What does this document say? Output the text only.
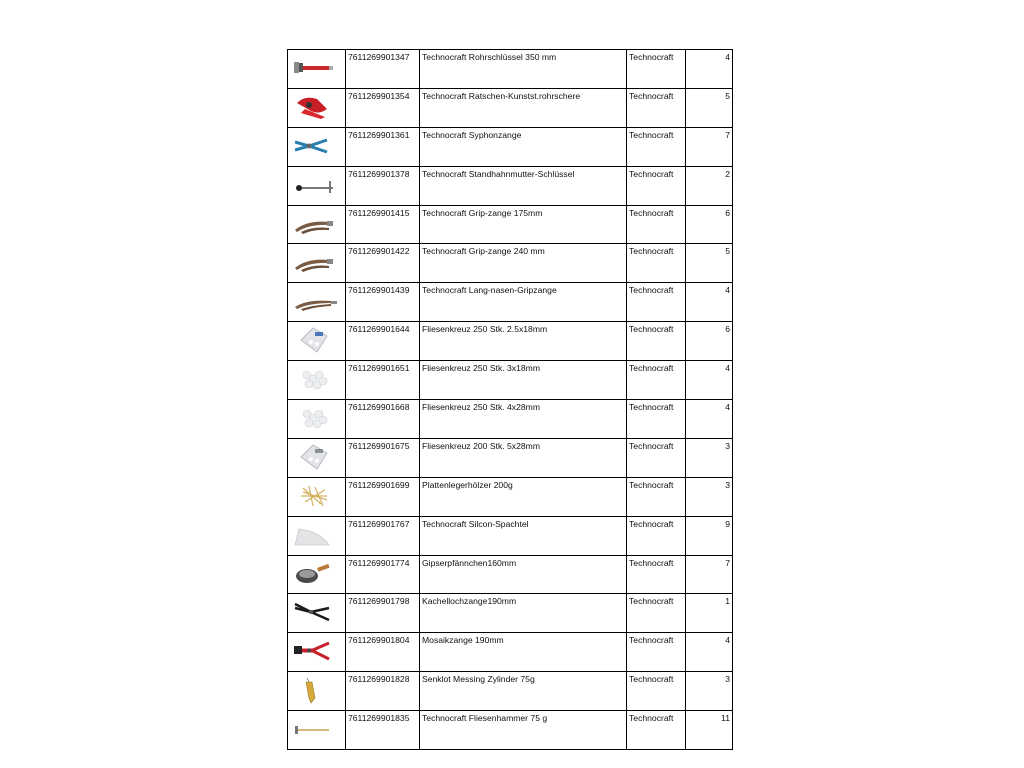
	7611269901347	Technocraft Rohrschlüssel 350 mm	Technocraft	4

	7611269901354	Technocraft Ratschen-Kunstst.rohrschere	Technocraft	5

	7611269901361	Technocraft Syphonzange	Technocraft	7

	7611269901378	Technocraft Standhahnmutter-Schlüssel	Technocraft	2

	7611269901415	Technocraft Grip-zange 175mm	Technocraft	6

	7611269901422	Technocraft Grip-zange 240 mm	Technocraft	5

	7611269901439	Technocraft Lang-nasen-Gripzange	Technocraft	4

	7611269901644	Fliesenkreuz 250 Stk. 2.5x18mm	Technocraft	6

	7611269901651	Fliesenkreuz 250 Stk. 3x18mm	Technocraft	4

	7611269901668	Fliesenkreuz 250 Stk. 4x28mm	Technocraft	4

	7611269901675	Fliesenkreuz 200 Stk. 5x28mm	Technocraft	3

	7611269901699	Plattenlegerhölzer 200g	Technocraft	3

	7611269901767	Technocraft Silcon-Spachtel	Technocraft	9

	7611269901774	Gipserpfännchen160mm	Technocraft	7

	7611269901798	Kachellochzange190mm	Technocraft	1

	7611269901804	Mosaikzange 190mm	Technocraft	4

	7611269901828	Senklot Messing Zylinder 75g	Technocraft	3

	7611269901835	Technocraft Fliesenhammer 75 g	Technocraft	11
